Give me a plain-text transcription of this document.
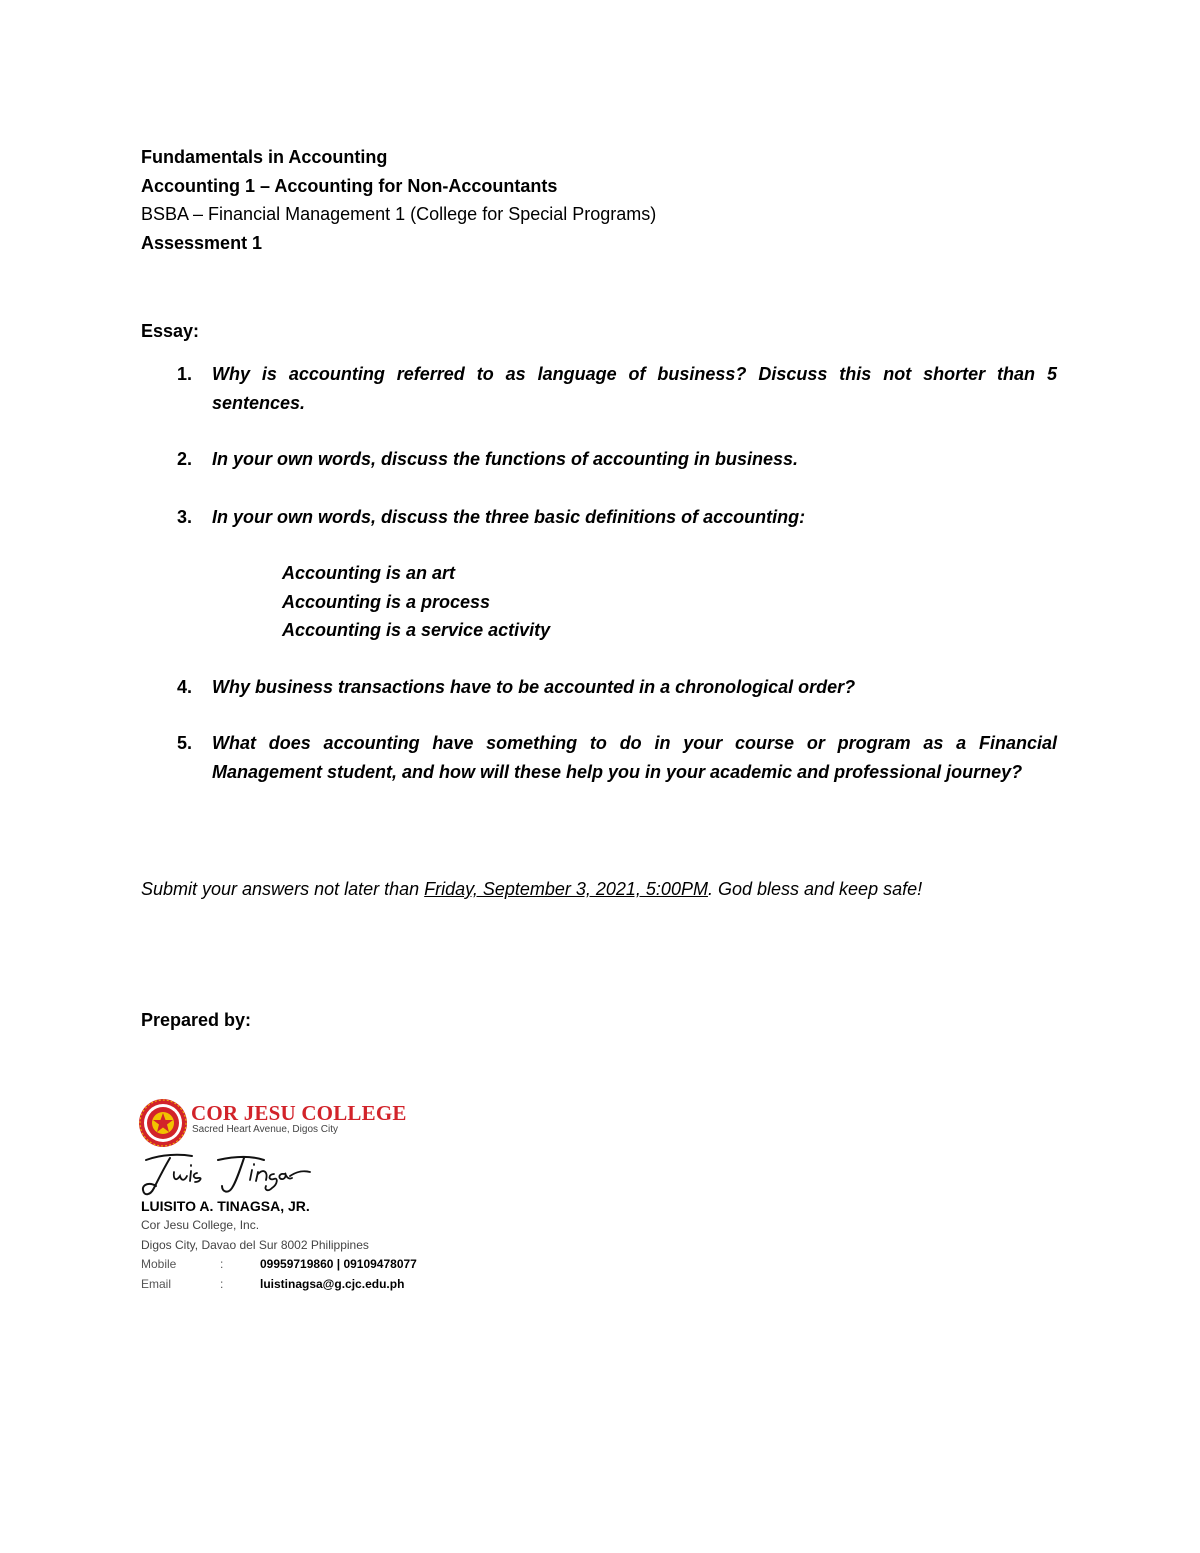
Fundamentals in Accounting
Accounting 1 – Accounting for Non-Accountants
BSBA – Financial Management 1 (College for Special Programs)
Assessment 1
Essay:
1. Why is accounting referred to as language of business? Discuss this not shorter than 5 sentences.
2. In your own words, discuss the functions of accounting in business.
3. In your own words, discuss the three basic definitions of accounting:
Accounting is an art
Accounting is a process
Accounting is a service activity
4. Why business transactions have to be accounted in a chronological order?
5. What does accounting have something to do in your course or program as a Financial Management student, and how will these help you in your academic and professional journey?
Submit your answers not later than Friday, September 3, 2021, 5:00PM. God bless and keep safe!
Prepared by:
COR JESU COLLEGE
Sacred Heart Avenue, Digos City
LUISITO A. TINAGSA, JR.
Cor Jesu College, Inc.
Digos City, Davao del Sur 8002 Philippines
Mobile	:	09959719860 | 09109478077
Email	:	luistinagsa@g.cjc.edu.ph
